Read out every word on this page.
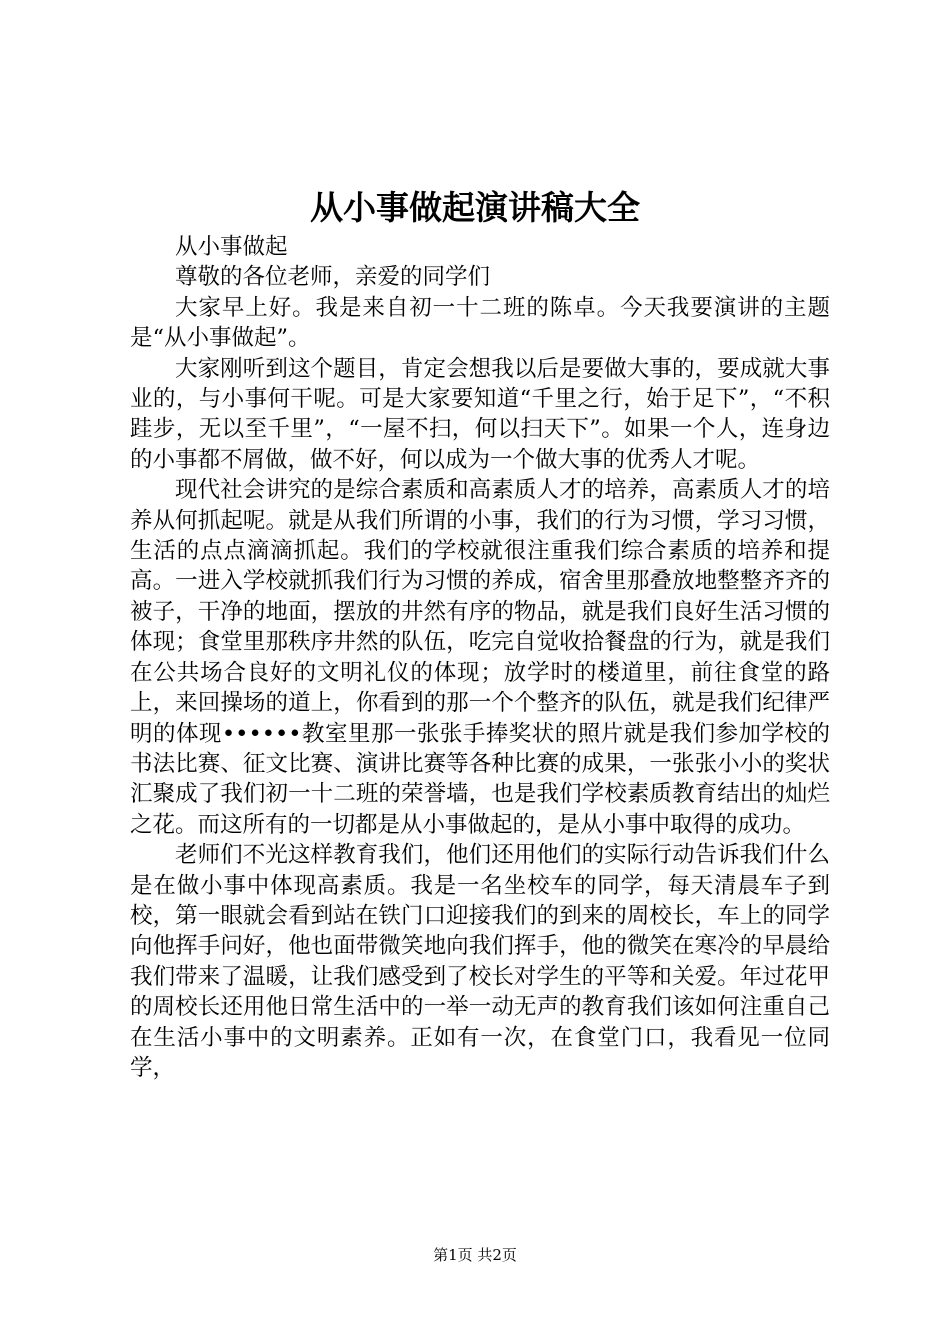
从小事做起演讲稿大全

从小事做起

尊敬的各位老师，亲爱的同学们

大家早上好。我是来自初一十二班的陈卓。今天我要演讲的主题是“从小事做起”。

大家刚听到这个题目，肯定会想我以后是要做大事的，要成就大事业的，与小事何干呢。可是大家要知道“千里之行，始于足下”，“不积跬步，无以至千里”，“一屋不扫，何以扫天下”。如果一个人，连身边的小事都不屑做，做不好，何以成为一个做大事的优秀人才呢。

现代社会讲究的是综合素质和高素质人才的培养，高素质人才的培养从何抓起呢。就是从我们所谓的小事，我们的行为习惯，学习习惯，生活的点点滴滴抓起。我们的学校就很注重我们综合素质的培养和提高。一进入学校就抓我们行为习惯的养成，宿舍里那叠放地整整齐齐的被子，干净的地面，摆放的井然有序的物品，就是我们良好生活习惯的体现；食堂里那秩序井然的队伍，吃完自觉收拾餐盘的行为，就是我们在公共场合良好的文明礼仪的体现；放学时的楼道里，前往食堂的路上，来回操场的道上，你看到的那一个个整齐的队伍，就是我们纪律严明的体现••••••教室里那一张张手捧奖状的照片就是我们参加学校的书法比赛、征文比赛、演讲比赛等各种比赛的成果，一张张小小的奖状汇聚成了我们初一十二班的荣誉墙，也是我们学校素质教育结出的灿烂之花。而这所有的一切都是从小事做起的，是从小事中取得的成功。

老师们不光这样教育我们，他们还用他们的实际行动告诉我们什么是在做小事中体现高素质。我是一名坐校车的同学，每天清晨车子到校，第一眼就会看到站在铁门口迎接我们的到来的周校长，车上的同学向他挥手问好，他也面带微笑地向我们挥手，他的微笑在寒冷的早晨给我们带来了温暖，让我们感受到了校长对学生的平等和关爱。年过花甲的周校长还用他日常生活中的一举一动无声的教育我们该如何注重自己在生活小事中的文明素养。正如有一次，在食堂门口，我看见一位同学，

第1页 共2页
